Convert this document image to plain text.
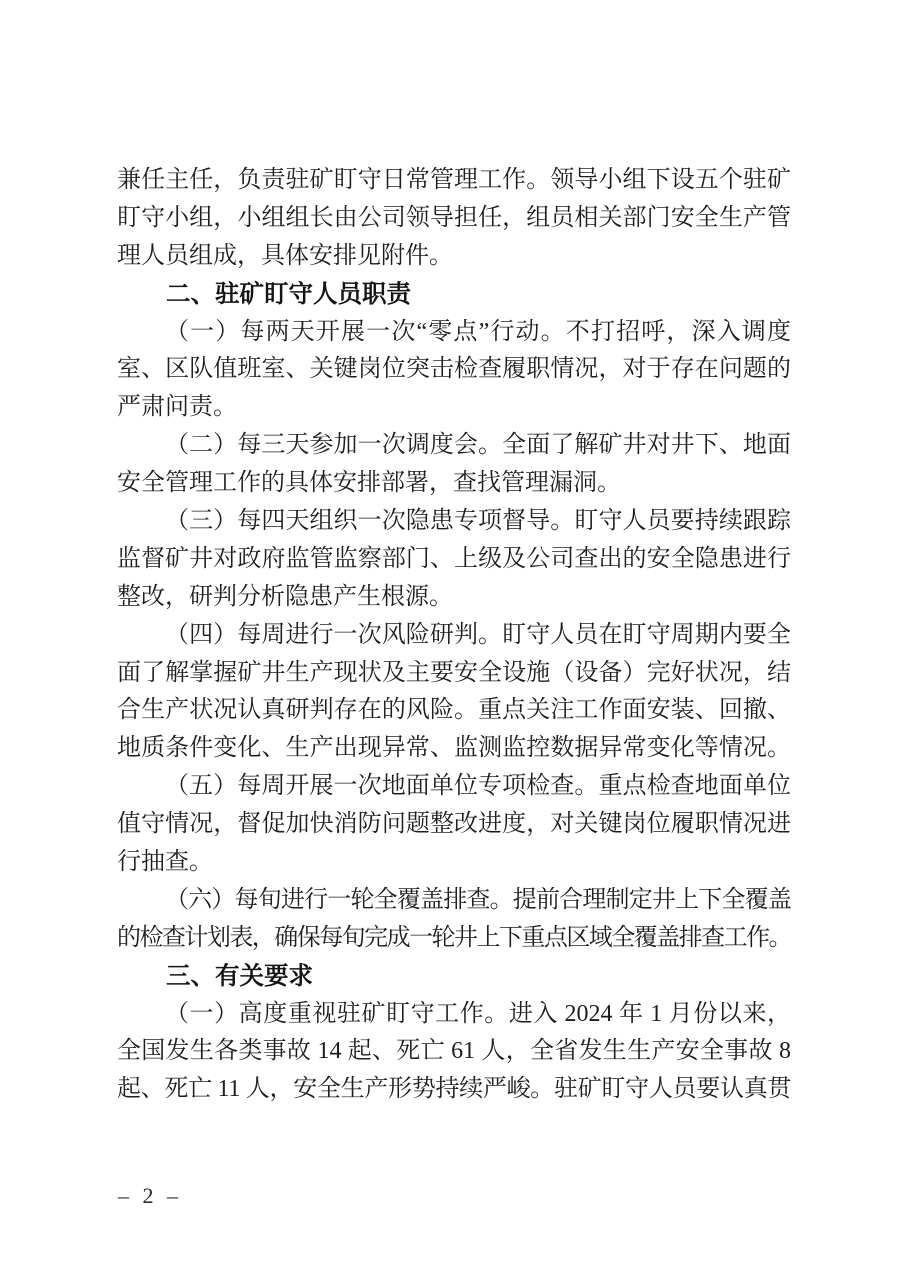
兼任主任，负责驻矿盯守日常管理工作。领导小组下设五个驻矿
盯守小组，小组组长由公司领导担任，组员相关部门安全生产管
理人员组成，具体安排见附件。
二、驻矿盯守人员职责
（一）每两天开展一次“零点”行动。不打招呼，深入调度
室、区队值班室、关键岗位突击检查履职情况，对于存在问题的
严肃问责。
（二）每三天参加一次调度会。全面了解矿井对井下、地面
安全管理工作的具体安排部署，查找管理漏洞。
（三）每四天组织一次隐患专项督导。盯守人员要持续跟踪
监督矿井对政府监管监察部门、上级及公司查出的安全隐患进行
整改，研判分析隐患产生根源。
（四）每周进行一次风险研判。盯守人员在盯守周期内要全
面了解掌握矿井生产现状及主要安全设施（设备）完好状况，结
合生产状况认真研判存在的风险。重点关注工作面安装、回撤、
地质条件变化、生产出现异常、监测监控数据异常变化等情况。
（五）每周开展一次地面单位专项检查。重点检查地面单位
值守情况，督促加快消防问题整改进度，对关键岗位履职情况进
行抽查。
（六）每旬进行一轮全覆盖排查。提前合理制定井上下全覆盖
的检查计划表，确保每旬完成一轮井上下重点区域全覆盖排查工作。
三、有关要求
（一）高度重视驻矿盯守工作。进入 2024 年 1 月份以来，
全国发生各类事故 14 起、死亡 61 人，全省发生生产安全事故 8
起、死亡 11 人，安全生产形势持续严峻。驻矿盯守人员要认真贯
– 2 –
